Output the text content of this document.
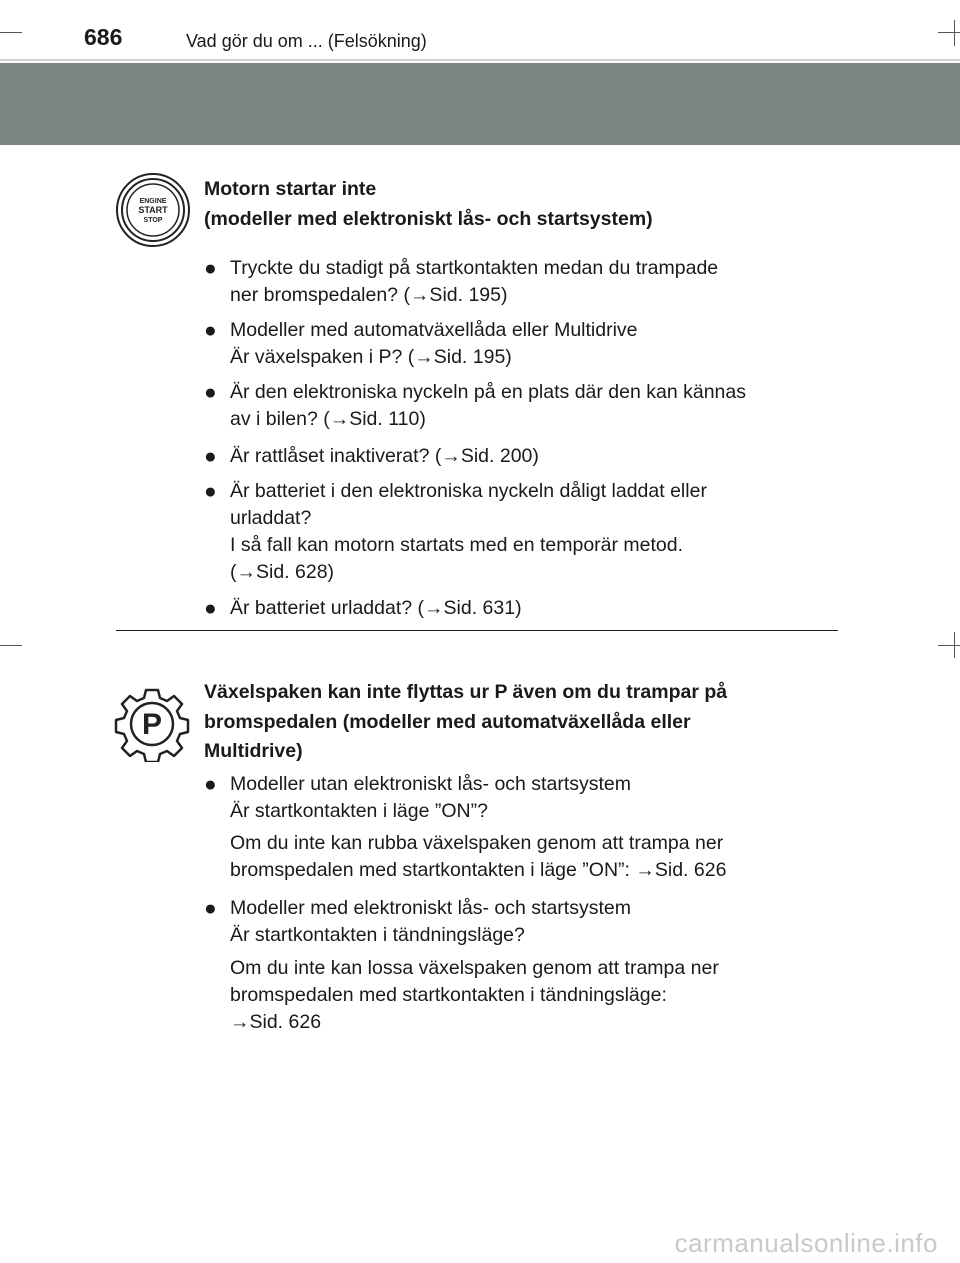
686	Vad gör du om ... (Felsökning)
ENGINE
START
STOP
Motorn startar inte
(modeller med elektroniskt lås- och startsystem)
● Tryckte du stadigt på startkontakten medan du trampade
ner bromspedalen? (→Sid. 195)
● Modeller med automatväxellåda eller Multidrive
Är växelspaken i P? (→Sid. 195)
● Är den elektroniska nyckeln på en plats där den kan kännas
av i bilen? (→Sid. 110)
● Är rattlåset inaktiverat? (→Sid. 200)
● Är batteriet i den elektroniska nyckeln dåligt laddat eller
urladdat?
I så fall kan motorn startats med en temporär metod.
(→Sid. 628)
● Är batteriet urladdat? (→Sid. 631)
P
Växelspaken kan inte flyttas ur P även om du trampar på
bromspedalen (modeller med automatväxellåda eller
Multidrive)
● Modeller utan elektroniskt lås- och startsystem
Är startkontakten i läge ”ON”?
Om du inte kan rubba växelspaken genom att trampa ner
bromspedalen med startkontakten i läge ”ON”: →Sid. 626
● Modeller med elektroniskt lås- och startsystem
Är startkontakten i tändningsläge?
Om du inte kan lossa växelspaken genom att trampa ner
bromspedalen med startkontakten i tändningsläge:
→Sid. 626
carmanualsonline.info
